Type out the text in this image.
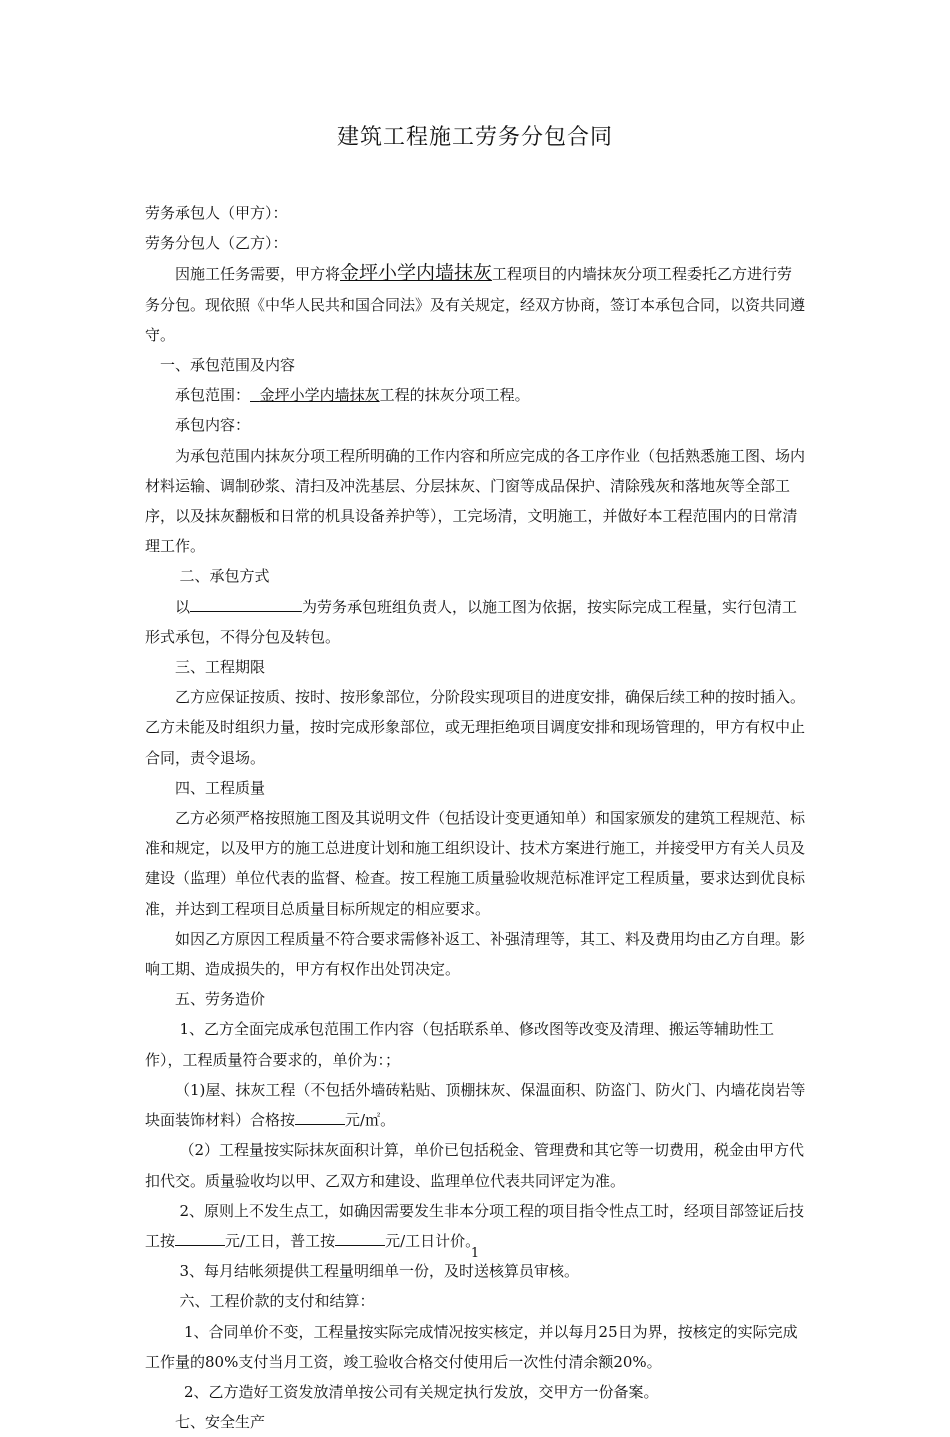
建筑工程施工劳务分包合同

劳务承包人（甲方）：

劳务分包人（乙方）：

因施工任务需要，甲方将金坪小学内墙抹灰工程项目的内墙抹灰分项工程委托乙方进行劳务分包。现依照《中华人民共和国合同法》及有关规定，经双方协商，签订本承包合同，以资共同遵守。

一、承包范围及内容

承包范围： 金坪小学内墙抹灰工程的抹灰分项工程。

承包内容：

为承包范围内抹灰分项工程所明确的工作内容和所应完成的各工序作业（包括熟悉施工图、场内材料运输、调制砂浆、清扫及冲洗基层、分层抹灰、门窗等成品保护、清除残灰和落地灰等全部工序，以及抹灰翻板和日常的机具设备养护等），工完场清，文明施工，并做好本工程范围内的日常清理工作。

二、承包方式

以	为劳务承包班组负责人，以施工图为依据，按实际完成工程量，实行包清工形式承包，不得分包及转包。

三、工程期限

乙方应保证按质、按时、按形象部位，分阶段实现项目的进度安排，确保后续工种的按时插入。乙方未能及时组织力量，按时完成形象部位，或无理拒绝项目调度安排和现场管理的，甲方有权中止合同，责令退场。

四、工程质量

乙方必须严格按照施工图及其说明文件（包括设计变更通知单）和国家颁发的建筑工程规范、标准和规定，以及甲方的施工总进度计划和施工组织设计、技术方案进行施工，并接受甲方有关人员及建设（监理）单位代表的监督、检查。按工程施工质量验收规范标准评定工程质量，要求达到优良标准，并达到工程项目总质量目标所规定的相应要求。

如因乙方原因工程质量不符合要求需修补返工、补强清理等，其工、料及费用均由乙方自理。影响工期、造成损失的，甲方有权作出处罚决定。

五、劳务造价

1、乙方全面完成承包范围工作内容（包括联系单、修改图等改变及清理、搬运等辅助性工作），工程质量符合要求的，单价为：；

（1)屋、抹灰工程（不包括外墙砖粘贴、顶棚抹灰、保温面积、防盗门、防火门、内墙花岗岩等块面装饰材料）合格按	元/㎡。

（2）工程量按实际抹灰面积计算，单价已包括税金、管理费和其它等一切费用，税金由甲方代扣代交。质量验收均以甲、乙双方和建设、监理单位代表共同评定为准。

2、原则上不发生点工，如确因需要发生非本分项工程的项目指令性点工时，经项目部签证后技工按	元/工日，普工按	元/工日计价。

3、每月结帐须提供工程量明细单一份，及时送核算员审核。

六、工程价款的支付和结算：

1、合同单价不变，工程量按实际完成情况按实核定，并以每月25日为界，按核定的实际完成工作量的80%支付当月工资，竣工验收合格交付使用后一次性付清余额20%。

2、乙方造好工资发放清单按公司有关规定执行发放，交甲方一份备案。

七、安全生产

1
